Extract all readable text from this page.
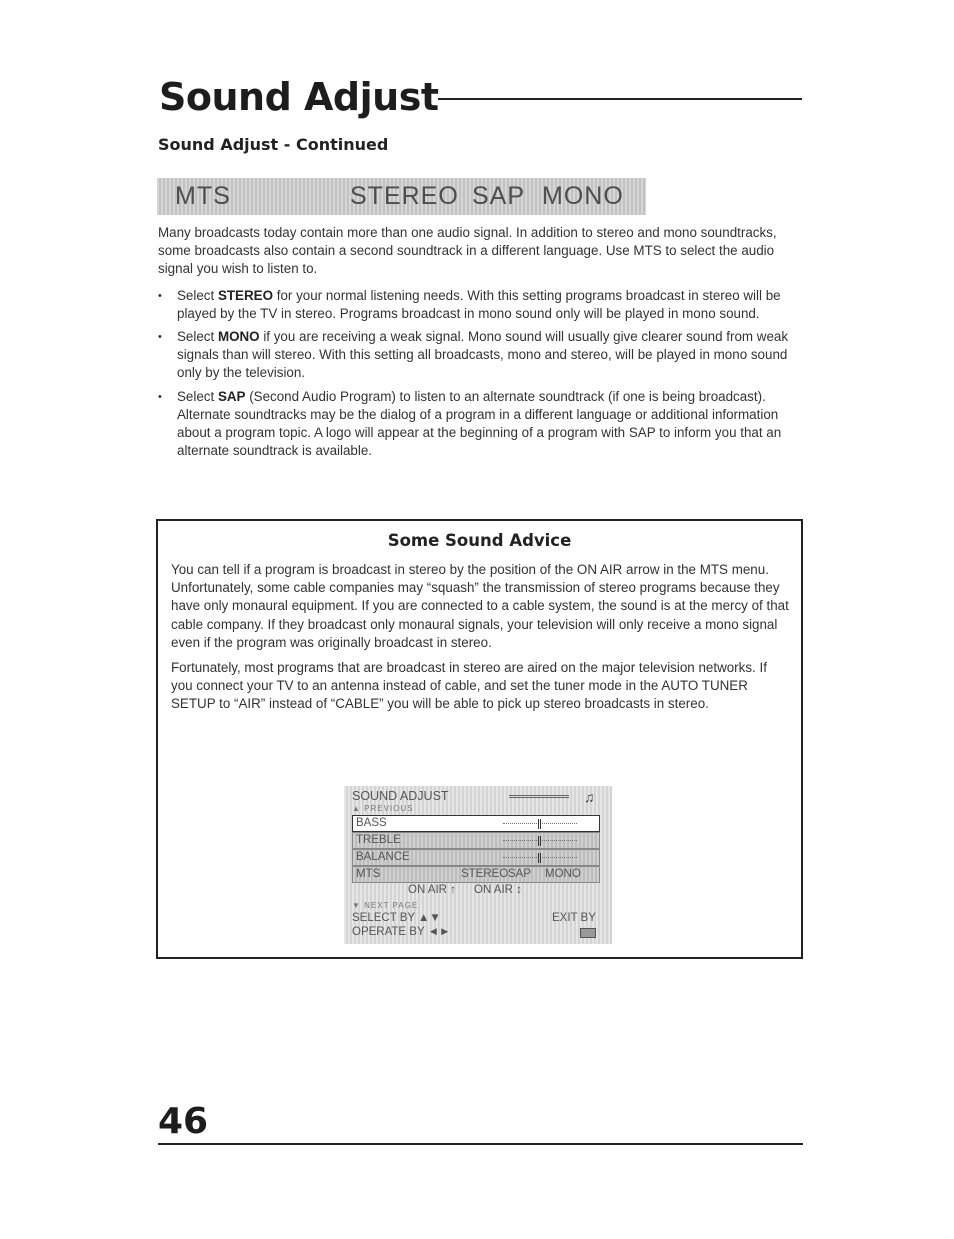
Sound Adjust
Sound Adjust - Continued
MTS	STEREO SAP MONO

Many broadcasts today contain more than one audio signal. In addition to stereo and mono soundtracks, some broadcasts also contain a second soundtrack in a different language. Use MTS to select the audio signal you wish to listen to.

• Select STEREO for your normal listening needs. With this setting programs broadcast in stereo will be played by the TV in stereo. Programs broadcast in mono sound only will be played in mono sound.
• Select MONO if you are receiving a weak signal. Mono sound will usually give clearer sound from weak signals than will stereo. With this setting all broadcasts, mono and stereo, will be played in mono sound only by the television.
• Select SAP (Second Audio Program) to listen to an alternate soundtrack (if one is being broadcast). Alternate soundtracks may be the dialog of a program in a different language or additional information about a program topic. A logo will appear at the beginning of a program with SAP to inform you that an alternate soundtrack is available.
Some Sound Advice

You can tell if a program is broadcast in stereo by the position of the ON AIR arrow in the MTS menu. Unfortunately, some cable companies may “squash” the transmission of stereo programs because they have only monaural equipment. If you are connected to a cable system, the sound is at the mercy of that cable company. If they broadcast only monaural signals, your television will only receive a mono signal even if the program was originally broadcast in stereo.

Fortunately, most programs that are broadcast in stereo are aired on the major television networks. If you connect your TV to an antenna instead of cable, and set the tuner mode in the AUTO TUNER SETUP to “AIR” instead of “CABLE” you will be able to pick up stereo broadcasts in stereo.

SOUND ADJUST	♫
▲ PREVIOUS
BASS
TREBLE
BALANCE
MTS	STEREO SAP MONO
ON AIR ↑ ON AIR ↕
▼ NEXT PAGE
SELECT BY ▲▼	EXIT BY
OPERATE BY ◄►
46
